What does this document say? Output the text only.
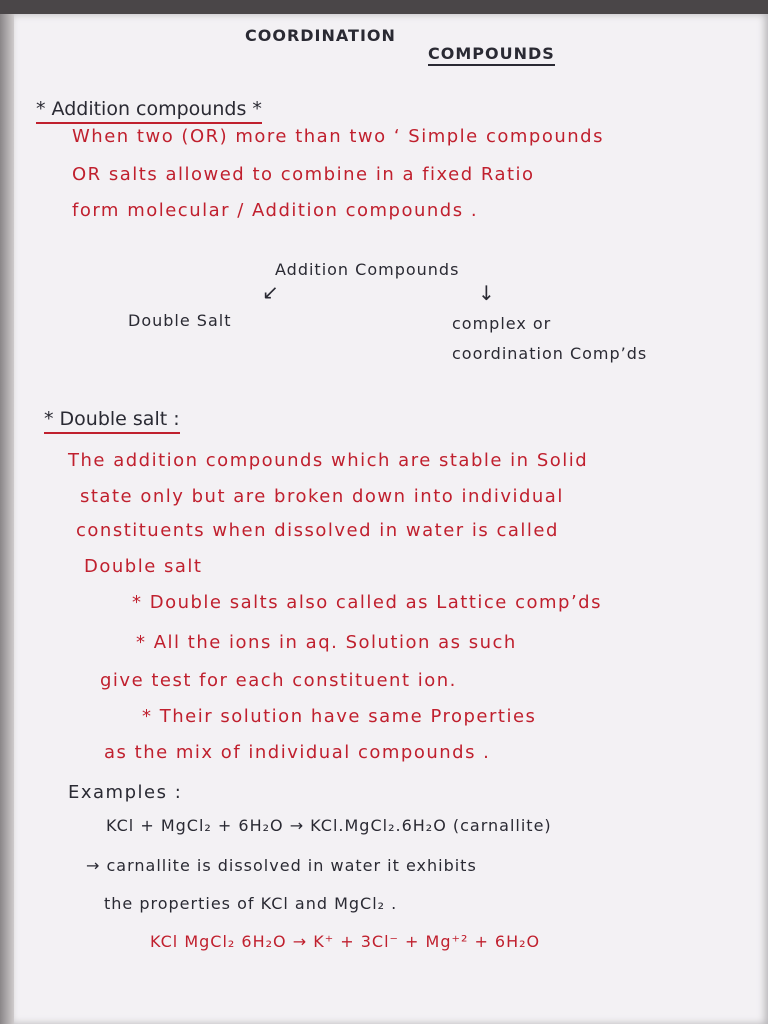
COORDINATION

COMPOUNDS

* Addition compounds *

When two (OR) more than two ‘ Simple compounds

OR salts allowed to combine in a fixed Ratio

form molecular / Addition compounds .

Addition Compounds

↙	↓

Double Salt	complex or

coordination Comp’ds

* Double salt :

The addition compounds which are stable in Solid

state only but are broken down into individual

constituents when dissolved in water is called

Double salt

* Double salts also called as Lattice comp’ds

* All the ions in aq. Solution as such

give test for each constituent ion.

* Their solution have same Properties

as the mix of individual compounds .

Examples :

KCl + MgCl₂ + 6H₂O → KCl.MgCl₂.6H₂O (carnallite)

→ carnallite is dissolved in water it exhibits

the properties of KCl and MgCl₂ .

KCl MgCl₂ 6H₂O → K⁺ + 3Cl⁻ + Mg⁺² + 6H₂O
